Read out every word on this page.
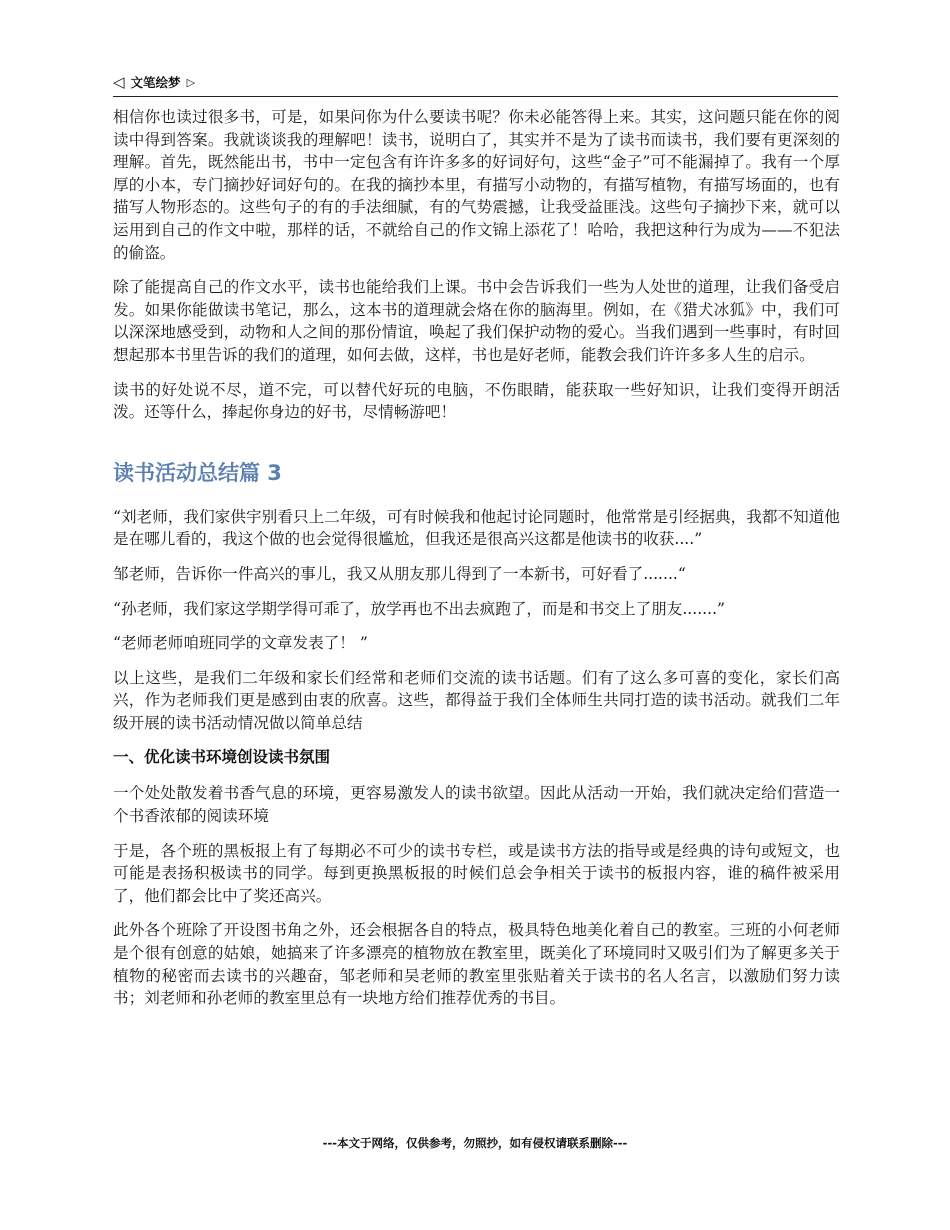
◁ 文笔绘梦 ▷

相信你也读过很多书，可是，如果问你为什么要读书呢？你未必能答得上来。其实，这问题只能在你的阅读中得到答案。我就谈谈我的理解吧！读书，说明白了，其实并不是为了读书而读书，我们要有更深刻的理解。首先，既然能出书，书中一定包含有许许多多的好词好句，这些“金子”可不能漏掉了。我有一个厚厚的小本，专门摘抄好词好句的。在我的摘抄本里，有描写小动物的，有描写植物，有描写场面的，也有描写人物形态的。这些句子的有的手法细腻，有的气势震撼，让我受益匪浅。这些句子摘抄下来，就可以运用到自己的作文中啦，那样的话，不就给自己的作文锦上添花了！哈哈，我把这种行为成为——不犯法的偷盗。

除了能提高自己的作文水平，读书也能给我们上课。书中会告诉我们一些为人处世的道理，让我们备受启发。如果你能做读书笔记，那么，这本书的道理就会烙在你的脑海里。例如，在《猎犬冰狐》中，我们可以深深地感受到，动物和人之间的那份情谊，唤起了我们保护动物的爱心。当我们遇到一些事时，有时回想起那本书里告诉的我们的道理，如何去做，这样，书也是好老师，能教会我们许许多多人生的启示。

读书的好处说不尽，道不完，可以替代好玩的电脑，不伤眼睛，能获取一些好知识，让我们变得开朗活泼。还等什么，捧起你身边的好书，尽情畅游吧！

读书活动总结篇 3

“刘老师，我们家供宇别看只上二年级，可有时候我和他起讨论同题时，他常常是引经据典，我都不知道他是在哪儿看的，我这个做的也会觉得很尴尬，但我还是很高兴这都是他读书的收获....”

邹老师，告诉你一件高兴的事儿，我又从朋友那儿得到了一本新书，可好看了.......“

“孙老师，我们家这学期学得可乖了，放学再也不出去疯跑了，而是和书交上了朋友.......”

“老师老师咱班同学的文章发表了！ ”

以上这些，是我们二年级和家长们经常和老师们交流的读书话题。们有了这么多可喜的变化，家长们高兴，作为老师我们更是感到由衷的欣喜。这些，都得益于我们全体师生共同打造的读书活动。就我们二年级开展的读书活动情况做以简单总结

一、优化读书环境创设读书氛围

一个处处散发着书香气息的环境，更容易激发人的读书欲望。因此从活动一开始，我们就决定给们营造一个书香浓郁的阅读环境

于是，各个班的黑板报上有了每期必不可少的读书专栏，或是读书方法的指导或是经典的诗句或短文，也可能是表扬积极读书的同学。每到更换黑板报的时候们总会争相关于读书的板报内容，谁的稿件被采用了，他们都会比中了奖还高兴。

此外各个班除了开设图书角之外，还会根据各自的特点，极具特色地美化着自己的教室。三班的小何老师是个很有创意的姑娘，她搞来了许多漂亮的植物放在教室里，既美化了环境同时又吸引们为了解更多关于植物的秘密而去读书的兴趣奋，邹老师和吴老师的教室里张贴着关于读书的名人名言，以激励们努力读书；刘老师和孙老师的教室里总有一块地方给们推荐优秀的书目。

---本文于网络，仅供参考，勿照抄，如有侵权请联系删除---
